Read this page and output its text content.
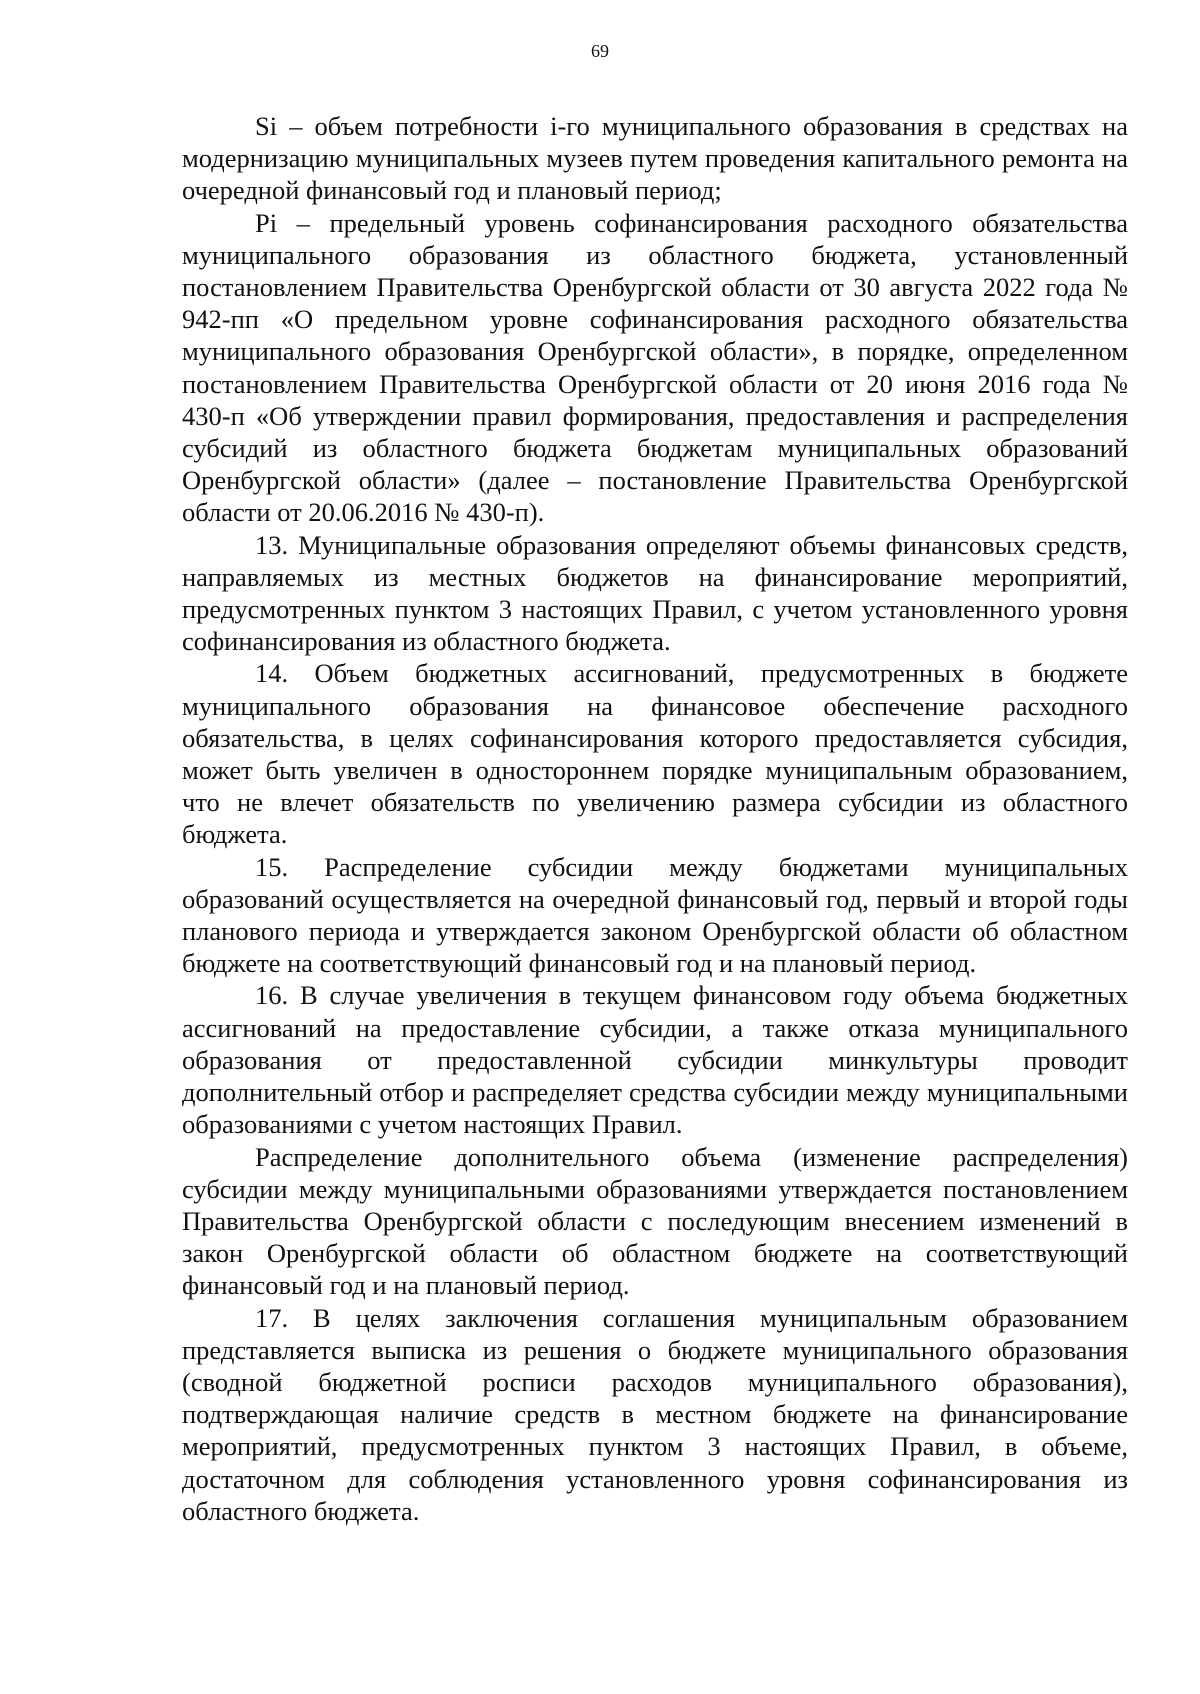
69

Si – объем потребности i-го муниципального образования в средствах на модернизацию муниципальных музеев путем проведения капитального ремонта на очередной финансовый год и плановый период;

Pi – предельный уровень софинансирования расходного обязательства муниципального образования из областного бюджета, установленный постановлением Правительства Оренбургской области от 30 августа 2022 года № 942-пп «О предельном уровне софинансирования расходного обязательства муниципального образования Оренбургской области», в порядке, определенном постановлением Правительства Оренбургской области от 20 июня 2016 года № 430-п «Об утверждении правил формирования, предоставления и распределения субсидий из областного бюджета бюджетам муниципальных образований Оренбургской области» (далее – постановление Правительства Оренбургской области от 20.06.2016 № 430-п).

13. Муниципальные образования определяют объемы финансовых средств, направляемых из местных бюджетов на финансирование мероприятий, предусмотренных пунктом 3 настоящих Правил, с учетом установленного уровня софинансирования из областного бюджета.

14. Объем бюджетных ассигнований, предусмотренных в бюджете муниципального образования на финансовое обеспечение расходного обязательства, в целях софинансирования которого предоставляется субсидия, может быть увеличен в одностороннем порядке муниципальным образованием, что не влечет обязательств по увеличению размера субсидии из областного бюджета.

15. Распределение субсидии между бюджетами муниципальных образований осуществляется на очередной финансовый год, первый и второй годы планового периода и утверждается законом Оренбургской области об областном бюджете на соответствующий финансовый год и на плановый период.

16. В случае увеличения в текущем финансовом году объема бюджетных ассигнований на предоставление субсидии, а также отказа муниципального образования от предоставленной субсидии минкультуры проводит дополнительный отбор и распределяет средства субсидии между муниципальными образованиями с учетом настоящих Правил.

Распределение дополнительного объема (изменение распределения) субсидии между муниципальными образованиями утверждается постановлением Правительства Оренбургской области с последующим внесением изменений в закон Оренбургской области об областном бюджете на соответствующий финансовый год и на плановый период.

17. В целях заключения соглашения муниципальным образованием представляется выписка из решения о бюджете муниципального образования (сводной бюджетной росписи расходов муниципального образования), подтверждающая наличие средств в местном бюджете на финансирование мероприятий, предусмотренных пунктом 3 настоящих Правил, в объеме, достаточном для соблюдения установленного уровня софинансирования из областного бюджета.
